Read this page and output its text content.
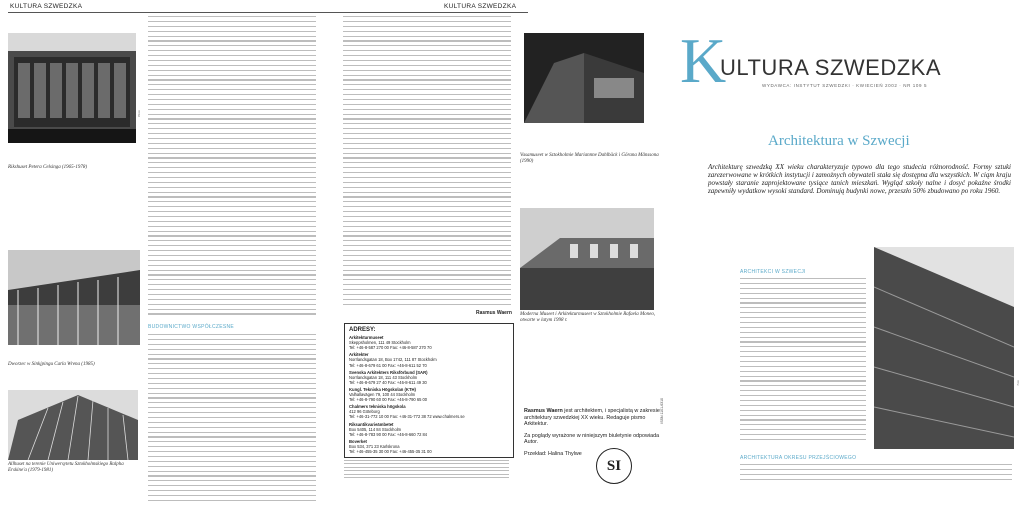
KULTURA SZWEDZKA	KULTURA SZWEDZKA
Photo
Rikshuset Petera Celsinga (1965-1978)
Dworzec w Sinkjpingu Carla Wrena (1985)
Allhuset na terenie Uniwersytetu Sztokholmskiego Ralpha Erskine'a (1979-1981)
BUDOWNICTWO WSPÓŁCZESNE
Rasmus Waern
ADRESY:
Arkitekturmuseet
Skeppsholmen, 111 49 Stockholm
Tel: +46-8-587 270 00 Fax: +46-8-587 270 70
Arkitekter
Norrlandsgatan 18, Box 1742, 111 87 Stockholm
Tel: +46-8-679 61 00 Fax: +46-8-611 52 70
Svenska Arkitekters Riksförbund (SAR)
Norrlandsgatan 18, 111 43 Stockholm
Tel: +46-8-679 27 40 Fax: +46-8-611 49 30
Kungl. Tekniska Högskolan (KTH)
Valhallavägen 79, 100 44 Stockholm
Tel: +46-8-790 60 00 Fax: +46-8-790 65 00
Chalmers tekniska högskola
412 96 Göteborg
Tel: +46-31-772 10 00 Fax: +46-31-772 38 72 www.chalmers.se
Riksantikvarieämbetet
Box 5405, 114 84 Stockholm
Tel: +46-8-783 90 00 Fax: +46-8-660 72 84
Boverket
Box 534, 371 23 Karlskrona
Tel: +46-455-35 30 00 Fax: +46-455-35 31 00
Vasamuseet w Sztokholmie Mariannne Dahlbäck i Görana Månssona (1990)
Moderna Museet i Arkitekturmuseet w Sztokholmie Rafaela Moneo, otwarte w latym 1998 r.
Rasmus Waern jest architektem, i specjalistą w zakresie architektury szwedzkiej XX wieku. Redaguje pismo Arkitektur.
Za poglądy wyrażone w niniejszym biuletynie odpowiada Autor.
Przekład: Halina Thylwe
ISSN 1101-6310
SI
K
ULTURA SZWEDZKA
WYDAWCA: INSTYTUT SZWEDZKI · KWIECIEŃ 2002 · NR 109 5
Architektura w Szwecji
Architekturę szwedzką XX wieku charakteryzuje typowo dla tego studecia różnorodność. Formy sztuki zarezerwowane w krótkich instytucji i zamożnych obywateli stała się dostępna dla wszystkich. W ciąm kraju powstały staranie zaprojektowane tysiące tanich mieszkań. Wygląd szkoły nalne i dosyć pokaźne środki zapewniły wydatkow wysoki standard. Dominują budynki nowe, przeszło 50% zbudowano po roku 1960.
Foto
ARCHITEKCI W SZWECJI
ARCHITEKTURA OKRESU PRZEJŚCIOWEGO
